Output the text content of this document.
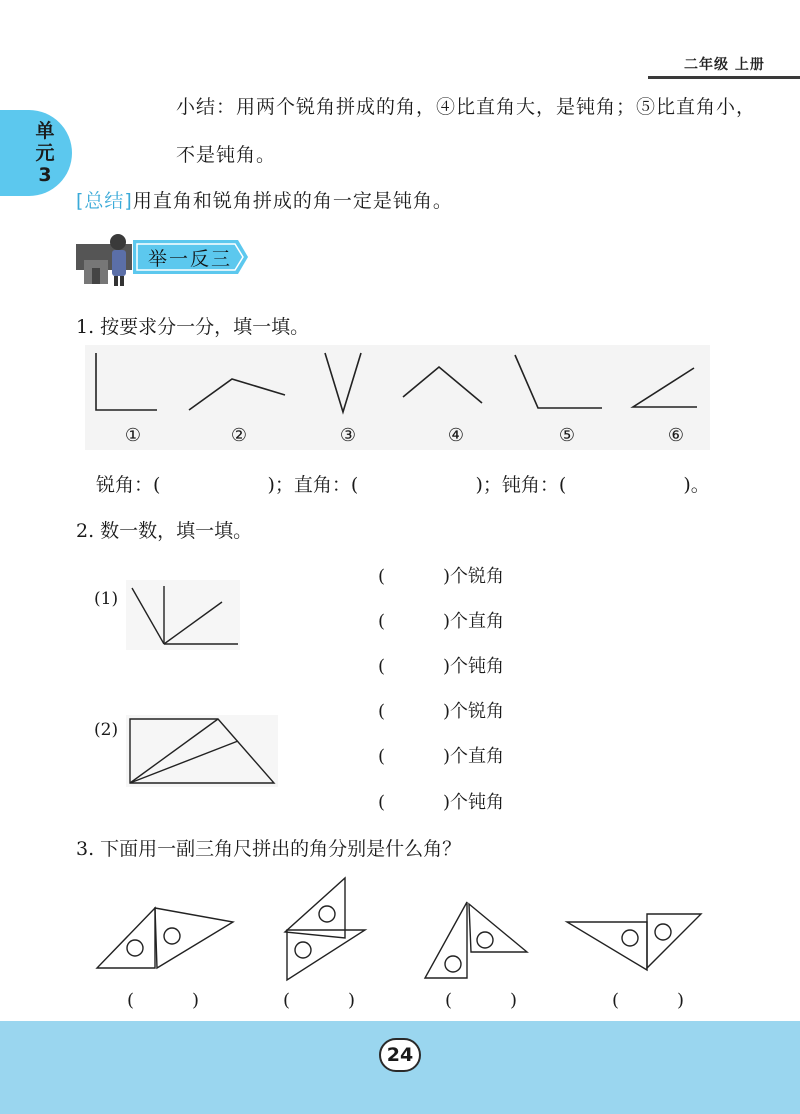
二年级 上册
单
元
3
小结：用两个锐角拼成的角，④比直角大，是钝角；⑤比直角小，
不是钝角。
[总结]用直角和锐角拼成的角一定是钝角。
举一反三
1. 按要求分一分，填一填。
①	②	③	④	⑤	⑥
锐角：(	)；直角：(	)；钝角：(	)。
2. 数一数，填一填。
(1)
(2)
(	)个锐角
(	)个直角
(	)个钝角
(	)个锐角
(	)个直角
(	)个钝角
3. 下面用一副三角尺拼出的角分别是什么角？
(	)	(	)	(	)	(	)
24
